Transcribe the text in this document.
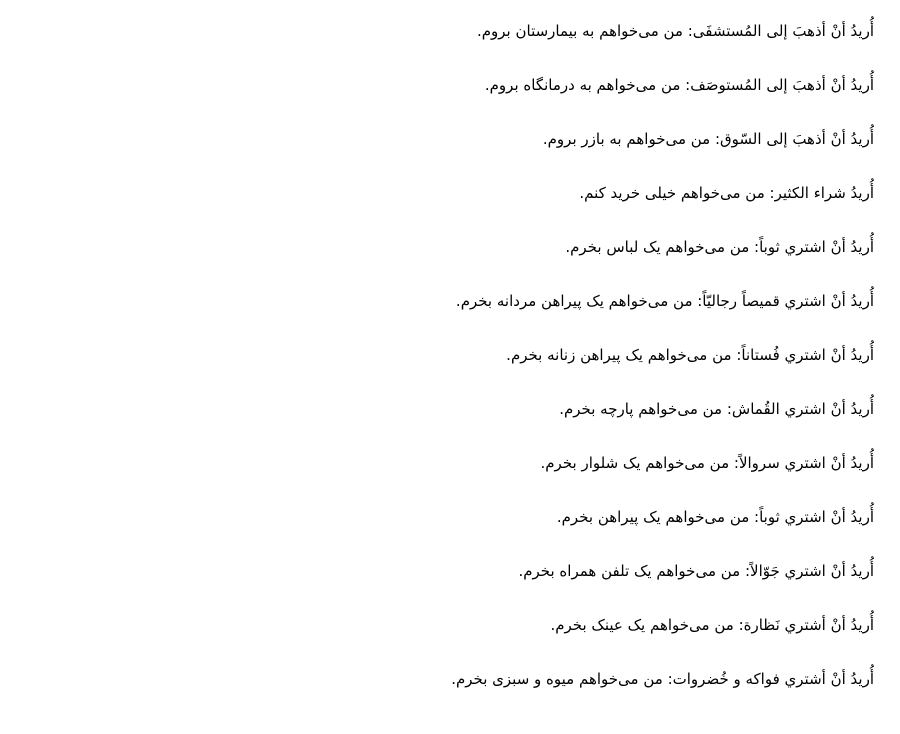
أُريدُ أنْ أذهبَ إلى المُستشفَى: من می‌خواهم به بیمارستان بروم.
أُريدُ أنْ أذهبَ إلى المُستوصَف: من می‌خواهم به درمانگاه بروم.
أُريدُ أنْ أذهبَ إلى السّوق: من می‌خواهم به بازر بروم.
أُريدُ شراء الكثير: من می‌خواهم خیلی خرید کنم.
أُريدُ أنْ اشتري ثوباً: من می‌خواهم یک لباس بخرم.
أُريدُ أنْ اشتري قميصاً رجاليّاً: من می‌خواهم یک پیراهن مردانه بخرم.
أُريدُ أنْ اشتري فُستاناً: من می‌خواهم یک پیراهن زنانه بخرم.
أُريدُ أنْ اشتري القُماش: من می‌خواهم پارچه بخرم.
أُريدُ أنْ اشتري سروالاً: من می‌خواهم یک شلوار بخرم.
أُريدُ أنْ اشتري ثوباً: من می‌خواهم یک پیراهن بخرم.
أُريدُ أنْ اشتري جَوّالاً: من می‌خواهم یک تلفن همراه بخرم.
أُريدُ أنْ أشتري نَظارة: من می‌خواهم یک عینک بخرم.
أُريدُ أنْ أشتري فواكه و خُضروات: من می‌خواهم میوه و سبزی بخرم.
